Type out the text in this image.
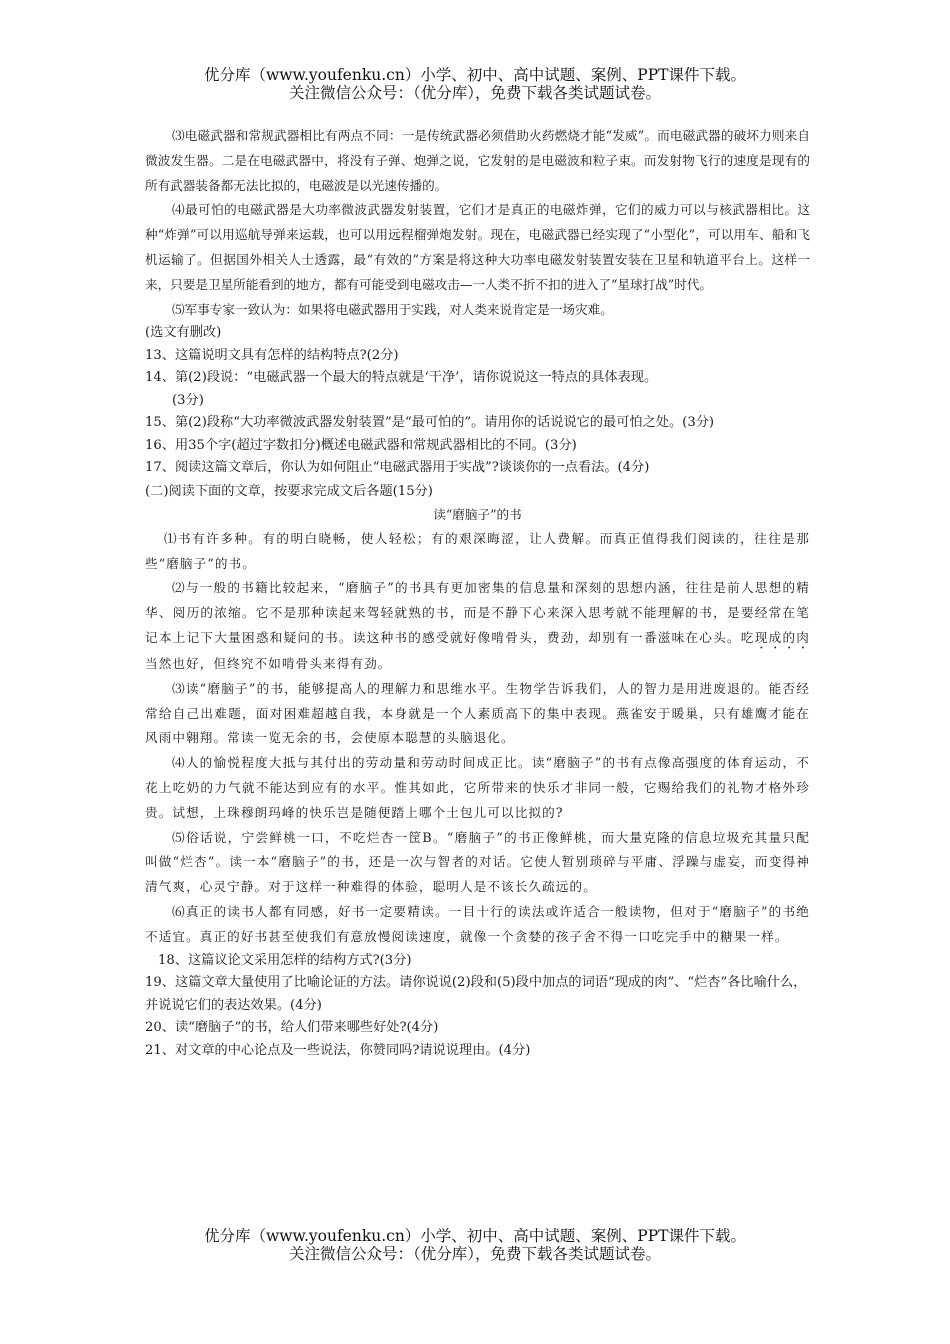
优分库（www.youfenku.cn）小学、初中、高中试题、案例、PPT课件下载。
关注微信公众号：（优分库），免费下载各类试题试卷。

⑶电磁武器和常规武器相比有两点不同：一是传统武器必须借助火药燃烧才能“发威”。而电磁武器的破坏力则来自微波发生器。二是在电磁武器中，将没有子弹、炮弹之说，它发射的是电磁波和粒子束。而发射物飞行的速度是现有的所有武器装备都无法比拟的，电磁波是以光速传播的。

⑷最可怕的电磁武器是大功率微波武器发射装置，它们才是真正的电磁炸弹，它们的威力可以与核武器相比。这种“炸弹”可以用巡航导弹来运载，也可以用远程榴弹炮发射。现在，电磁武器已经实现了“小型化”，可以用车、船和飞机运输了。但据国外相关人士透露，最“有效的”方案是将这种大功率电磁发射装置安装在卫星和轨道平台上。这样一来，只要是卫星所能看到的地方，都有可能受到电磁攻击—一人类不折不扣的进入了“星球打战”时代。

⑸军事专家一致认为：如果将电磁武器用于实践，对人类来说肯定是一场灾难。

(选文有删改)

13、这篇说明文具有怎样的结构特点?(2分)

14、第(2)段说：“电磁武器一个最大的特点就是‘干净’，请你说说这一特点的具体表现。

(3分)

15、第(2)段称“大功率微波武器发射装置”是“最可怕的”。请用你的话说说它的最可怕之处。(3分)

16、用35个字(超过字数扣分)概述电磁武器和常规武器相比的不同。(3分)

17、阅读这篇文章后，你认为如何阻止“电磁武器用于实战”?谈谈你的一点看法。(4分)

(二)阅读下面的文章，按要求完成文后各题(15分)

读“磨脑子”的书

⑴书有许多种。有的明白晓畅，使人轻松；有的艰深晦涩，让人费解。而真正值得我们阅读的，往往是那些“磨脑子”的书。

⑵与一般的书籍比较起来，“磨脑子”的书具有更加密集的信息量和深刻的思想内涵，往往是前人思想的精华、阅历的浓缩。它不是那种读起来驾轻就熟的书，而是不静下心来深入思考就不能理解的书，是要经常在笔记本上记下大量困惑和疑问的书。读这种书的感受就好像啃骨头，费劲，却别有一番滋味在心头。吃现成的肉当然也好，但终究不如啃骨头来得有劲。

⑶读“磨脑子”的书，能够提高人的理解力和思维水平。生物学告诉我们，人的智力是用进废退的。能否经常给自己出难题，面对困难超越自我，本身就是一个人素质高下的集中表现。燕雀安于暖巢，只有雄鹰才能在风雨中翱翔。常读一览无余的书，会使原本聪慧的头脑退化。

⑷人的愉悦程度大抵与其付出的劳动量和劳动时间成正比。读“磨脑子”的书有点像高强度的体育运动，不花上吃奶的力气就不能达到应有的水平。惟其如此，它所带来的快乐才非同一般，它赐给我们的礼物才格外珍贵。试想，上珠穆朗玛峰的快乐岂是随便踏上哪个土包儿可以比拟的?

⑸俗话说，宁尝鲜桃一口，不吃烂杏一筐B。“磨脑子”的书正像鲜桃，而大量克隆的信息垃圾充其量只配叫做“烂杏”。读一本“磨脑子”的书，还是一次与智者的对话。它使人暂别琐碎与平庸、浮躁与虚妄，而变得神清气爽，心灵宁静。对于这样一种难得的体验，聪明人是不该长久疏远的。

⑹真正的读书人都有同感，好书一定要精读。一目十行的读法或许适合一般读物，但对于“磨脑子”的书绝不适宜。真正的好书甚至使我们有意放慢阅读速度，就像一个贪婪的孩子舍不得一口吃完手中的糖果一样。

18、这篇议论文采用怎样的结构方式?(3分)

19、这篇文章大量使用了比喻论证的方法。请你说说(2)段和(5)段中加点的词语“现成的肉”、“烂杏”各比喻什么，并说说它们的表达效果。(4分)

20、读“磨脑子”的书，给人们带来哪些好处?(4分)

21、对文章的中心论点及一些说法，你赞同吗?请说说理由。(4分)

优分库（www.youfenku.cn）小学、初中、高中试题、案例、PPT课件下载。
关注微信公众号：（优分库），免费下载各类试题试卷。
